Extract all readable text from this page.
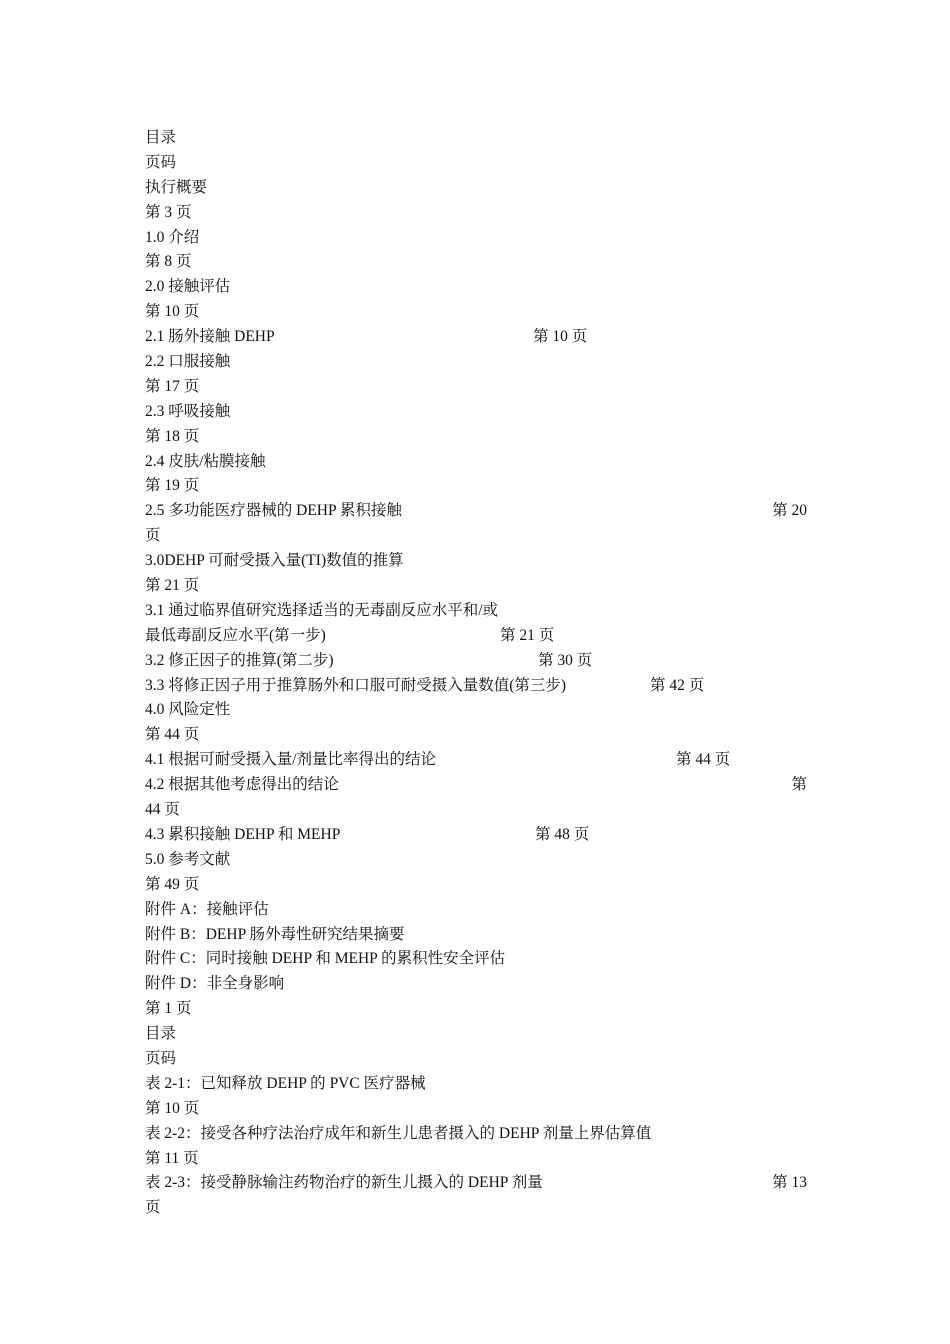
目录
页码
执行概要
第 3 页
1.0 介绍
第 8 页
2.0 接触评估
第 10 页
2.1 肠外接触 DEHP	第 10 页
2.2 口服接触
第 17 页
2.3 呼吸接触
第 18 页
2.4 皮肤/粘膜接触
第 19 页
2.5 多功能医疗器械的 DEHP 累积接触	第 20
页
3.0DEHP 可耐受摄入量(TI)数值的推算
第 21 页
3.1 通过临界值研究选择适当的无毒副反应水平和/或
最低毒副反应水平(第一步)	第 21 页
3.2 修正因子的推算(第二步)	第 30 页
3.3 将修正因子用于推算肠外和口服可耐受摄入量数值(第三步)	第 42 页
4.0 风险定性
第 44 页
4.1 根据可耐受摄入量/剂量比率得出的结论	第 44 页
4.2 根据其他考虑得出的结论	第
44 页
4.3 累积接触 DEHP 和 MEHP	第 48 页
5.0 参考文献
第 49 页
附件 A：接触评估
附件 B：DEHP 肠外毒性研究结果摘要
附件 C：同时接触 DEHP 和 MEHP 的累积性安全评估
附件 D：非全身影响
第 1 页
目录
页码
表 2-1：已知释放 DEHP 的 PVC 医疗器械
第 10 页
表 2-2：接受各种疗法治疗成年和新生儿患者摄入的 DEHP 剂量上界估算值
第 11 页
表 2-3：接受静脉输注药物治疗的新生儿摄入的 DEHP 剂量	第 13
页
